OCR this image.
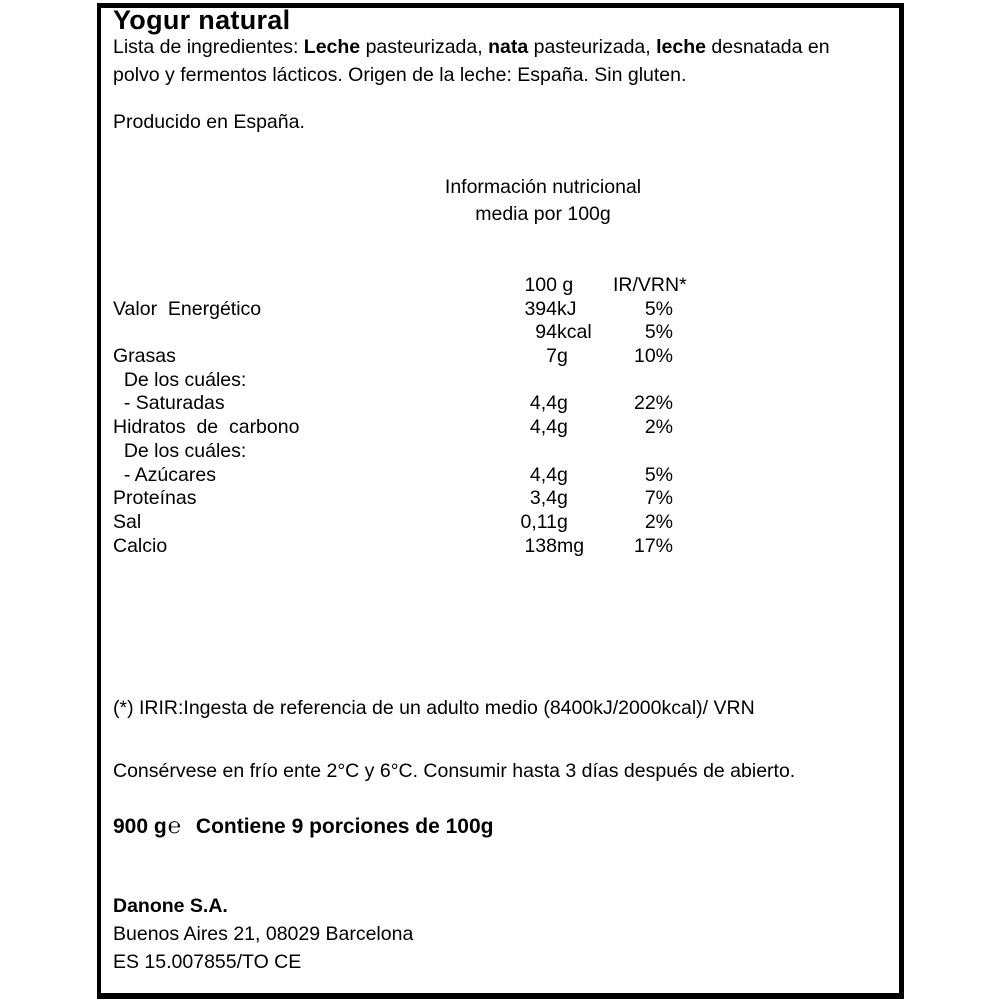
Yogur natural

Lista de ingredientes: Leche pasteurizada, nata pasteurizada, leche desnatada en
polvo y fermentos lácticos. Origen de la leche: España. Sin gluten.

Producido en España.

Información nutricional
media por 100g
100 g	IR/VRN*
Valor  Energético	394 kJ	5%
94 kcal	5%
Grasas	7 g	10%
De los cuáles:
- Saturadas	4,4 g	22%
Hidratos  de  carbono	4,4 g	2%
De los cuáles:
- Azúcares	4,4 g	5%
Proteínas	3,4 g	7%
Sal	0,11 g	2%
Calcio	138 mg	17%

(*) IRIR:Ingesta de referencia de un adulto medio (8400kJ/2000kcal)/ VRN

Consérvese en frío ente 2°C y 6°C. Consumir hasta 3 días después de abierto.

900 g℮ Contiene 9 porciones de 100g

Danone S.A.
Buenos Aires 21, 08029 Barcelona
ES 15.007855/TO CE
